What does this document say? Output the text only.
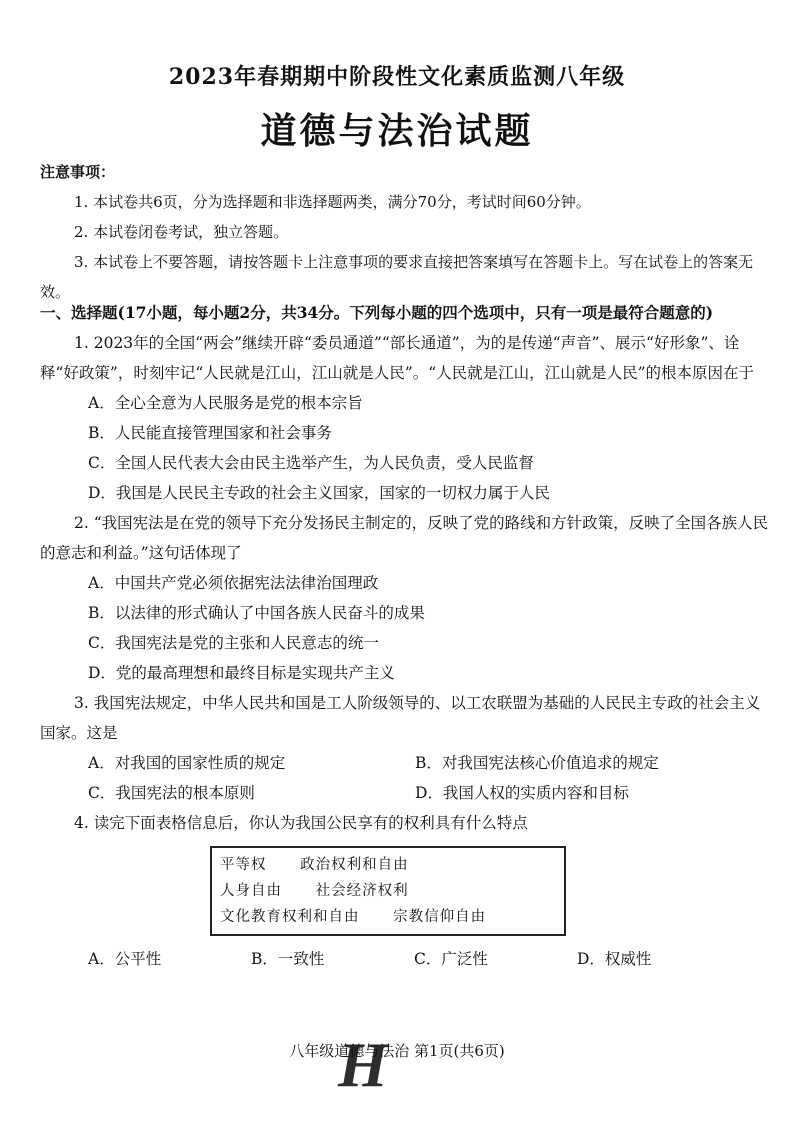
2023年春期期中阶段性文化素质监测八年级
道德与法治试题
注意事项：
1. 本试卷共6页，分为选择题和非选择题两类，满分70分，考试时间60分钟。
2. 本试卷闭卷考试，独立答题。
3. 本试卷上不要答题，请按答题卡上注意事项的要求直接把答案填写在答题卡上。写在试卷上的答案无效。
一、选择题(17小题，每小题2分，共34分。下列每小题的四个选项中，只有一项是最符合题意的)
1. 2023年的全国“两会”继续开辟“委员通道”“部长通道”，为的是传递“声音”、展示“好形象”、诠释“好政策”，时刻牢记“人民就是江山，江山就是人民”。“人民就是江山，江山就是人民”的根本原因在于
A．全心全意为人民服务是党的根本宗旨
B．人民能直接管理国家和社会事务
C．全国人民代表大会由民主选举产生，为人民负责，受人民监督
D．我国是人民民主专政的社会主义国家，国家的一切权力属于人民
2. “我国宪法是在党的领导下充分发扬民主制定的，反映了党的路线和方针政策，反映了全国各族人民的意志和利益。”这句话体现了
A．中国共产党必须依据宪法法律治国理政
B．以法律的形式确认了中国各族人民奋斗的成果
C．我国宪法是党的主张和人民意志的统一
D．党的最高理想和最终目标是实现共产主义
3. 我国宪法规定，中华人民共和国是工人阶级领导的、以工农联盟为基础的人民民主专政的社会主义国家。这是
A．对我国的国家性质的规定	B．对我国宪法核心价值追求的规定
C．我国宪法的根本原则	D．我国人权的实质内容和目标
4. 读完下面表格信息后，你认为我国公民享有的权利具有什么特点
平等权 政治权利和自由
人身自由 社会经济权利
文化教育权利和自由 宗教信仰自由
A．公平性	B．一致性	C．广泛性	D．权威性
H
八年级道德与法治 第1页(共6页)
